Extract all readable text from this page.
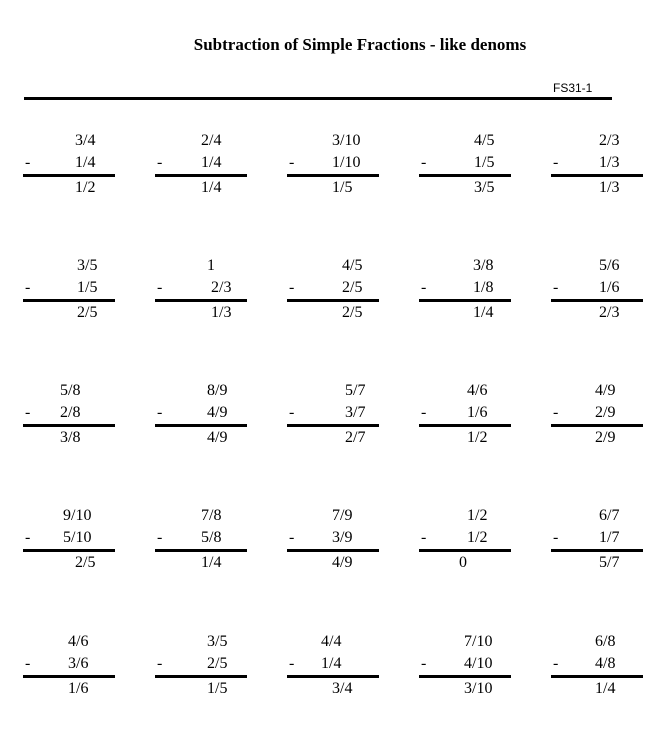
Subtraction of Simple Fractions - like denoms
FS31-1
3/4
-	1/4
1/2
2/4
- 1/4
1/4
3/10
- 1/10
1/5
4/5
-	1/5
3/5
2/3
-	1/3
1/3
3/5
-	1/5
2/5
1
-	2/3
1/3
4/5
-	2/5
2/5
3/8
-	1/8
1/4
5/6
-	1/6
2/3
5/8
- 2/8
3/8
8/9
-	4/9
4/9
5/7
-	3/7
2/7
4/6
-	1/6
1/2
4/9
- 2/9
2/9
9/10
- 5/10
2/5
7/8
- 5/8
1/4
7/9
- 3/9
4/9
1/2
-	1/2
0
6/7
-	1/7
5/7
4/6
- 3/6
1/6
3/5
-	2/5
1/5
4/4
- 1/4
3/4
7/10
- 4/10
3/10
6/8
- 4/8
1/4
